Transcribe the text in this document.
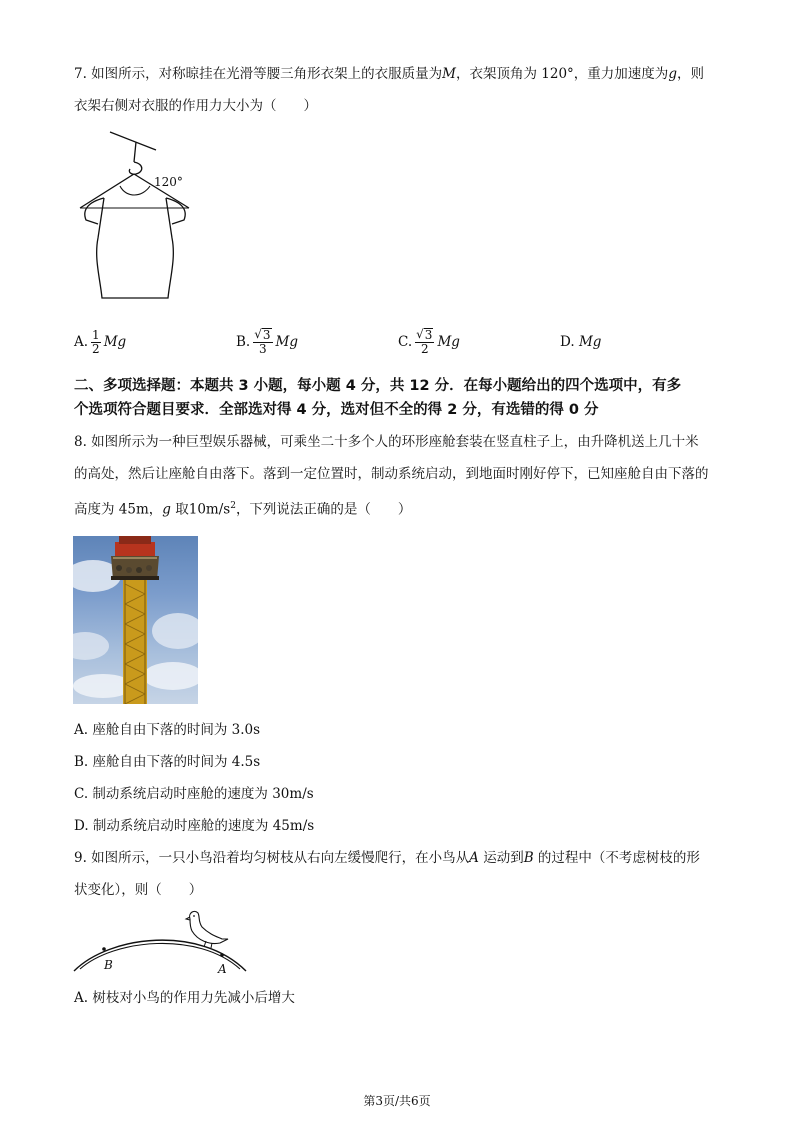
7. 如图所示，对称晾挂在光滑等腰三角形衣架上的衣服质量为M，衣架顶角为 120°，重力加速度为g，则
衣架右侧对衣服的作用力大小为（　　）
120°
A. $\frac{1}{2}$ Mg	B. $\frac{√ 3}{3}$ Mg	C. $\frac{√ 3}{2}$ Mg	D.
Mg
二、多项选择题：本题共 3 小题，每小题 4 分，共 12 分．在每小题给出的四个选项中，有多
个选项符合题目要求．全部选对得 4 分，选对但不全的得 2 分，有选错的得 0 分
8. 如图所示为一种巨型娱乐器械，可乘坐二十多个人的环形座舱套装在竖直柱子上，由升降机送上几十米
的高处，然后让座舱自由落下。落到一定位置时，制动系统启动，到地面时刚好停下，已知座舱自由下落的
高度为 45m，g 取$10m/s^2$，下列说法正确的是（　　）
A. 座舱自由下落的时间为 3.0s
B. 座舱自由下落的时间为 4.5s
C. 制动系统启动时座舱的速度为 30m/s
D. 制动系统启动时座舱的速度为 45m/s
9. 如图所示，一只小鸟沿着均匀树枝从右向左缓慢爬行，在小鸟从A 运动到B 的过程中（不考虑树枝的形
状变化），则（　　）
B	A
A. 树枝对小鸟的作用力先减小后增大
第3页/共6页
